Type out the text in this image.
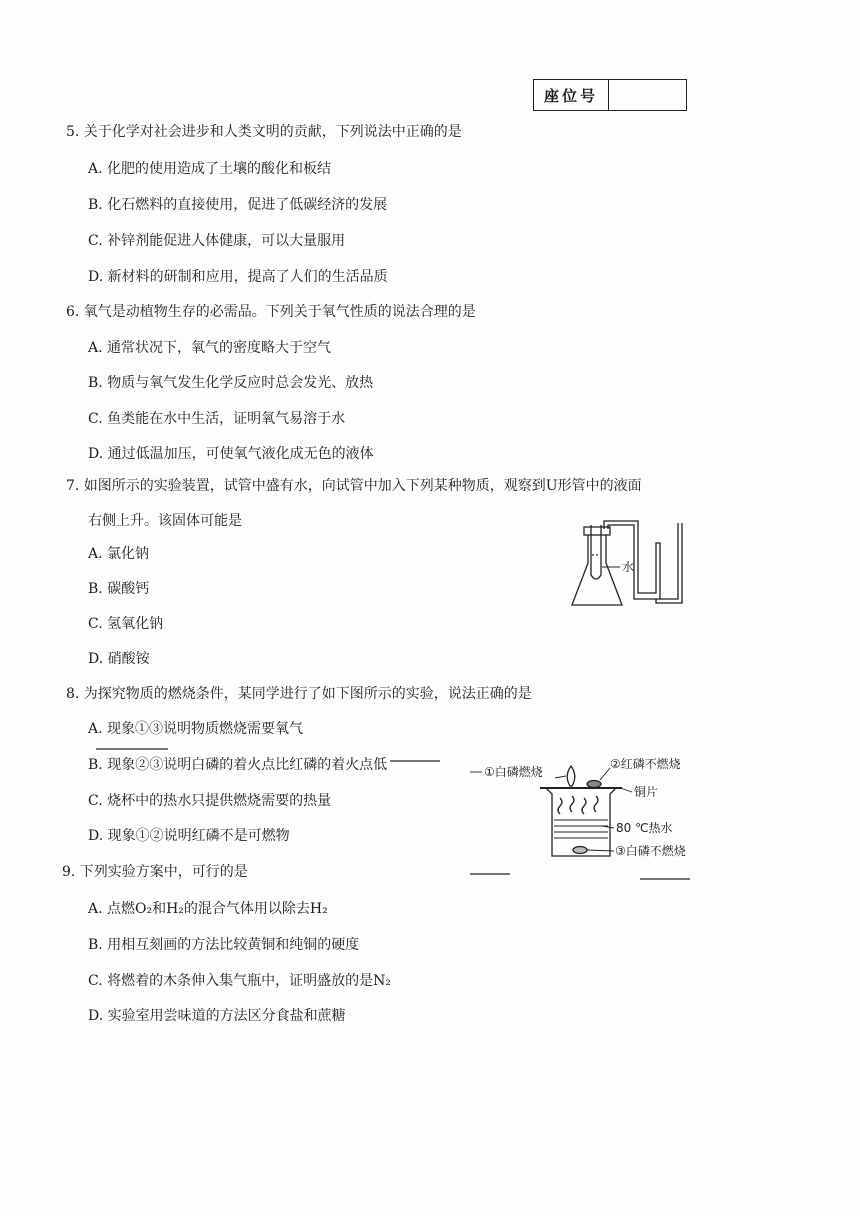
座位号
5. 关于化学对社会进步和人类文明的贡献，下列说法中正确的是
A. 化肥的使用造成了土壤的酸化和板结
B. 化石燃料的直接使用，促进了低碳经济的发展
C. 补锌剂能促进人体健康，可以大量服用
D. 新材料的研制和应用，提高了人们的生活品质
6. 氧气是动植物生存的必需品。下列关于氧气性质的说法合理的是
A. 通常状况下，氧气的密度略大于空气
B. 物质与氧气发生化学反应时总会发光、放热
C. 鱼类能在水中生活，证明氧气易溶于水
D. 通过低温加压，可使氧气液化成无色的液体
7. 如图所示的实验装置，试管中盛有水，向试管中加入下列某种物质，观察到U形管中的液面
右侧上升。该固体可能是
A. 氯化钠
B. 碳酸钙
C. 氢氧化钠
D. 硝酸铵
水
8. 为探究物质的燃烧条件，某同学进行了如下图所示的实验，说法正确的是
A. 现象①③说明物质燃烧需要氧气
B. 现象②③说明白磷的着火点比红磷的着火点低
C. 烧杯中的热水只提供燃烧需要的热量
D. 现象①②说明红磷不是可燃物
①白磷燃烧
②红磷不燃烧
铜片
80 ℃热水
③白磷不燃烧
9. 下列实验方案中，可行的是
A. 点燃O₂和H₂的混合气体用以除去H₂
B. 用相互刻画的方法比较黄铜和纯铜的硬度
C. 将燃着的木条伸入集气瓶中，证明盛放的是N₂
D. 实验室用尝味道的方法区分食盐和蔗糖
